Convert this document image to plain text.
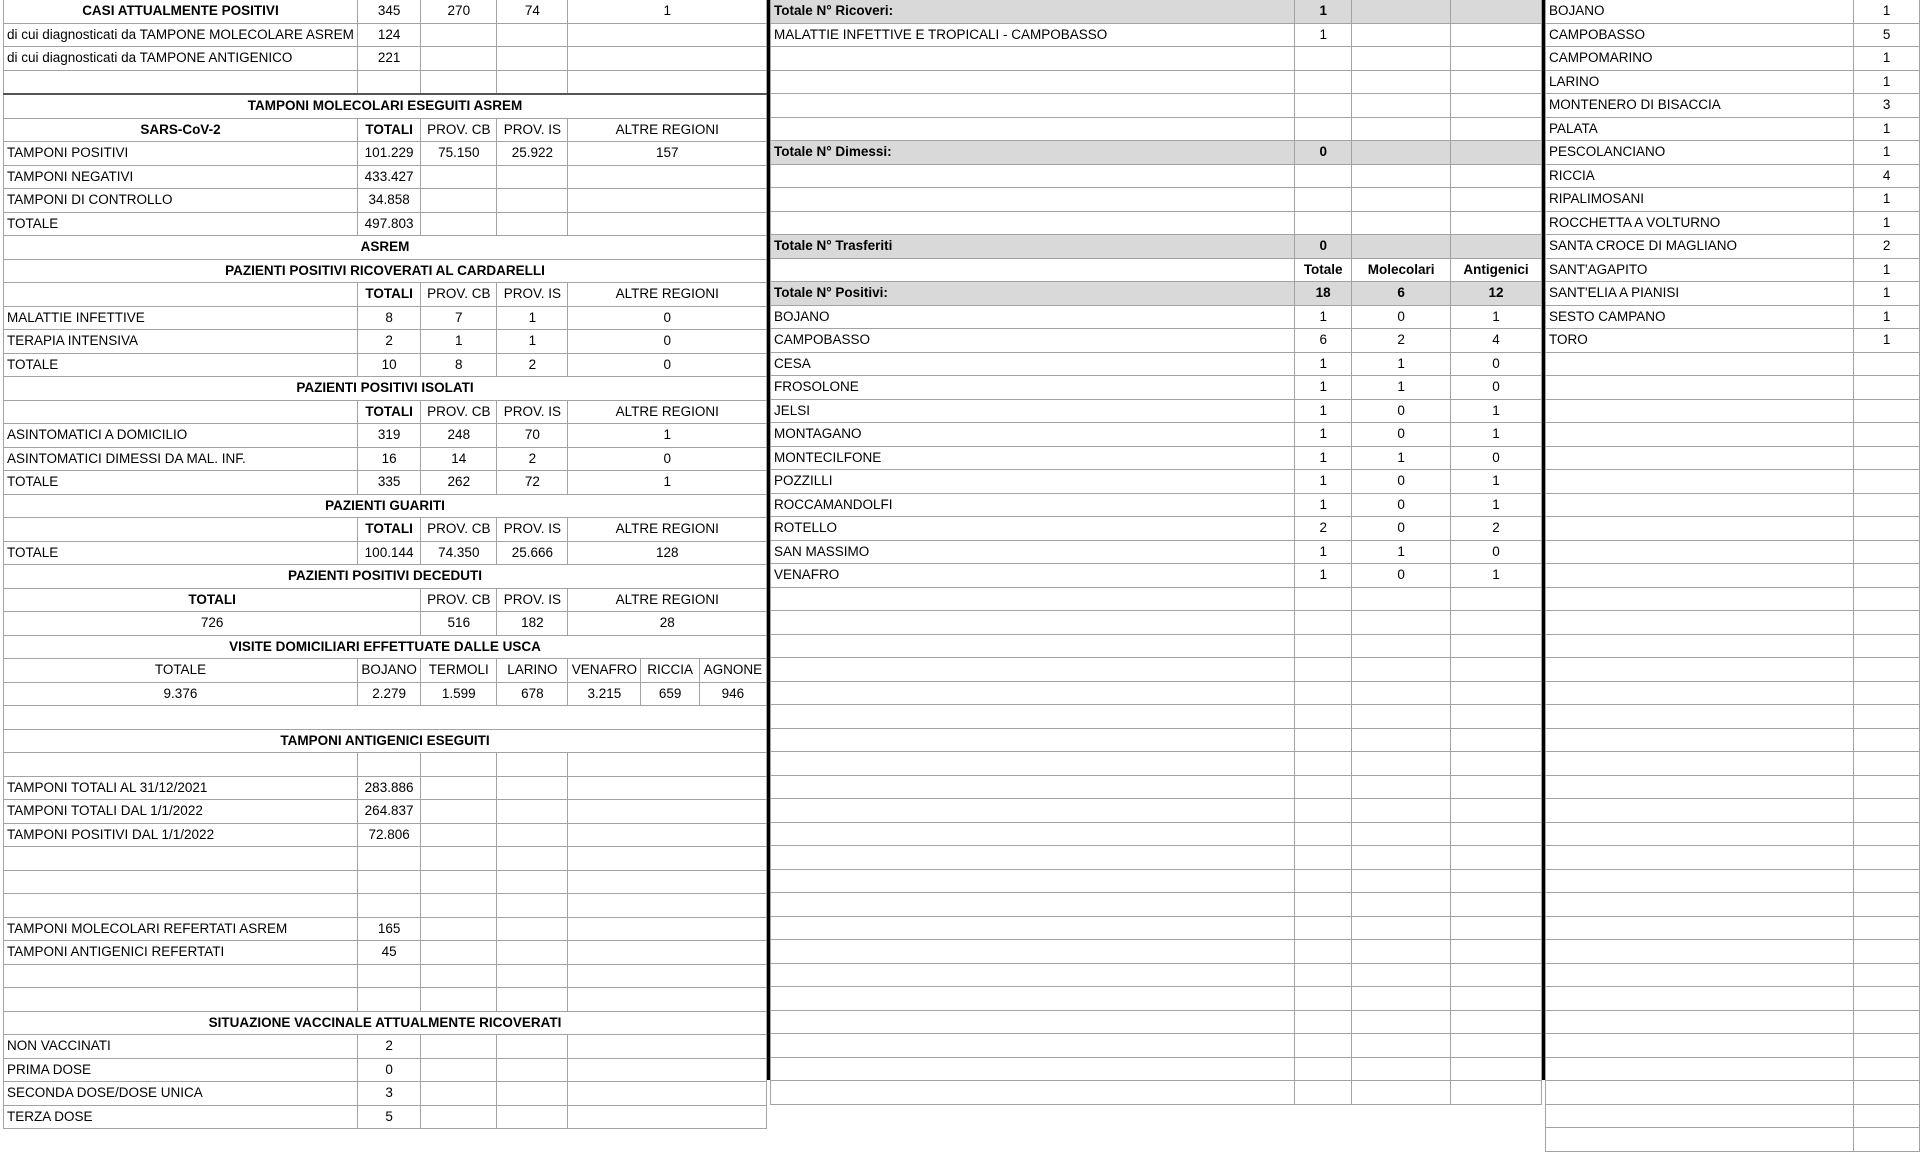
CASI ATTUALMENTE POSITIVI	345	270	74	1		
di cui diagnosticati da TAMPONE MOLECOLARE ASREM	124					
di cui diagnosticati da TAMPONE ANTIGENICO	221					

TAMPONI MOLECOLARI ESEGUITI ASREM						
SARS-CoV-2	TOTALI	PROV. CB	PROV. IS	ALTRE REGIONI		
TAMPONI POSITIVI	101.229	75.150	25.922	157		
TAMPONI NEGATIVI	433.427					
TAMPONI DI CONTROLLO	34.858					
TOTALE	497.803					
ASREM						
PAZIENTI POSITIVI RICOVERATI AL CARDARELLI						
	TOTALI	PROV. CB	PROV. IS	ALTRE REGIONI		
MALATTIE INFETTIVE	8	7	1	0		
TERAPIA INTENSIVA	2	1	1	0		
TOTALE	10	8	2	0		
PAZIENTI POSITIVI ISOLATI						
	TOTALI	PROV. CB	PROV. IS	ALTRE REGIONI		
ASINTOMATICI A DOMICILIO	319	248	70	1		
ASINTOMATICI DIMESSI DA MAL. INF.	16	14	2	0		
TOTALE	335	262	72	1		
PAZIENTI GUARITI						
	TOTALI	PROV. CB	PROV. IS	ALTRE REGIONI		
TOTALE	100.144	74.350	25.666	128		
PAZIENTI POSITIVI DECEDUTI						
TOTALI		PROV. CB	PROV. IS	ALTRE REGIONI		
726		516	182	28		
VISITE DOMICILIARI EFFETTUATE DALLE USCA						
TOTALE	BOJANO	TERMOLI	LARINO	VENAFRO	RICCIA	AGNONE
9.376	2.279	1.599	678	3.215	659	946

TAMPONI ANTIGENICI ESEGUITI						

TAMPONI TOTALI AL 31/12/2021	283.886					
TAMPONI TOTALI DAL 1/1/2022	264.837					
TAMPONI POSITIVI DAL 1/1/2022	72.806					

TAMPONI MOLECOLARI REFERTATI ASREM	165					
TAMPONI ANTIGENICI REFERTATI	45					

SITUAZIONE VACCINALE ATTUALMENTE RICOVERATI						
NON VACCINATI	2					
PRIMA DOSE	0					
SECONDA DOSE/DOSE UNICA	3					
TERZA DOSE	5					
Totale N° Ricoveri:	1		
MALATTIE INFETTIVE E TROPICALI - CAMPOBASSO	1		

Totale N° Dimessi:	0		

Totale N° Trasferiti	0		
	Totale	Molecolari	Antigenici
Totale N° Positivi:	18	6	12
BOJANO	1	0	1
CAMPOBASSO	6	2	4
CESA	1	1	0
FROSOLONE	1	1	0
JELSI	1	0	1
MONTAGANO	1	0	1
MONTECILFONE	1	1	0
POZZILLI	1	0	1
ROCCAMANDOLFI	1	0	1
ROTELLO	2	0	2
SAN MASSIMO	1	1	0
VENAFRO	1	0	1

BOJANO	1
CAMPOBASSO	5
CAMPOMARINO	1
LARINO	1
MONTENERO DI BISACCIA	3
PALATA	1
PESCOLANCIANO	1
RICCIA	4
RIPALIMOSANI	1
ROCCHETTA A VOLTURNO	1
SANTA CROCE DI MAGLIANO	2
SANT'AGAPITO	1
SANT'ELIA A PIANISI	1
SESTO CAMPANO	1
TORO	1
